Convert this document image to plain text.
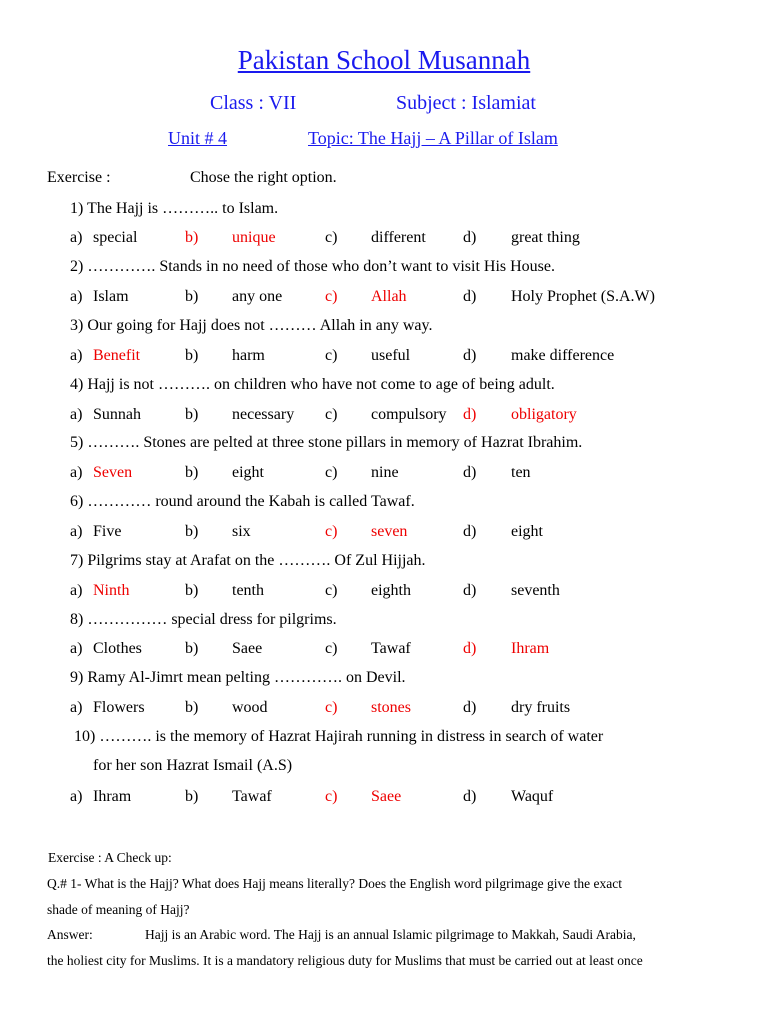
Pakistan School Musannah
Class : VII	Subject : Islamiat
Unit # 4	Topic: The Hajj – A Pillar of Islam
Exercise :	Chose the right option.
1) The Hajj is ……….. to Islam.
a) special	b) unique	c) different d) great thing
2) …………. Stands in no need of those who don’t want to visit His House.
a) Islam	b) any one	c) Allah	d) Holy Prophet (S.A.W)
3) Our going for Hajj does not ……… Allah in any way.
a) Benefit	b) harm	c) useful	d) make difference
4) Hajj is not ………. on children who have not come to age of being adult.
a) Sunnah	b) necessary c) compulsory d) obligatory
5) ………. Stones are pelted at three stone pillars in memory of Hazrat Ibrahim.
a) Seven	b) eight	c) nine	d) ten
6) ………… round around the Kabah is called Tawaf.
a) Five	b) six	c) seven	d) eight
7) Pilgrims stay at Arafat on the ………. Of Zul Hijjah.
a) Ninth	b) tenth	c) eighth	d) seventh
8) …………… special dress for pilgrims.
a) Clothes	b) Saee	c) Tawaf	d) Ihram
9) Ramy Al-Jimrt mean pelting …………. on Devil.
a) Flowers	b) wood	c) stones	d) dry fruits
10) ………. is the memory of Hazrat Hajirah running in distress in search of water
for her son Hazrat Ismail (A.S)
a) Ihram	b) Tawaf	c) Saee	d) Waquf
Exercise : A Check up:
Q.# 1- What is the Hajj? What does Hajj means literally? Does the English word pilgrimage give the exact
shade of meaning of Hajj?
Answer:	Hajj is an Arabic word. The Hajj is an annual Islamic pilgrimage to Makkah, Saudi Arabia,
the holiest city for Muslims. It is a mandatory religious duty for Muslims that must be carried out at least once
